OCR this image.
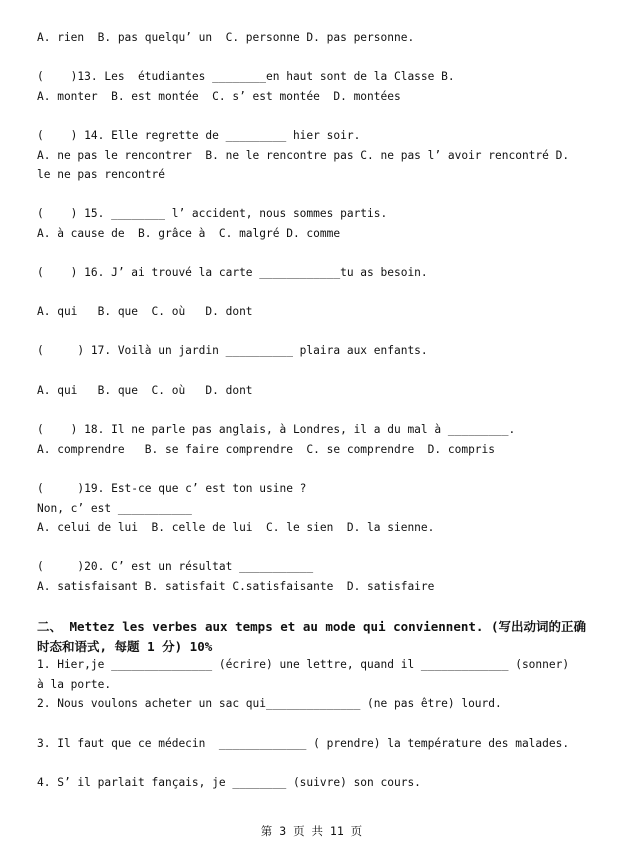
A. rien  B. pas quelqu’ un  C. personne D. pas personne.
(    )13. Les  étudiantes ________en haut sont de la Classe B.
A. monter  B. est montée  C. s’ est montée  D. montées
(    ) 14. Elle regrette de _________ hier soir.
A. ne pas le rencontrer  B. ne le rencontre pas C. ne pas l’ avoir rencontré D.
le ne pas rencontré
(    ) 15. ________ l’ accident, nous sommes partis.
A. à cause de  B. grâce à  C. malgré D. comme
(    ) 16. J’ ai trouvé la carte ____________tu as besoin.
A. qui   B. que  C. où   D. dont
(     ) 17. Voilà un jardin __________ plaira aux enfants.
A. qui   B. que  C. où   D. dont
(    ) 18. Il ne parle pas anglais, à Londres, il a du mal à _________.
A. comprendre   B. se faire comprendre  C. se comprendre  D. compris
(     )19. Est-ce que c’ est ton usine ?
Non, c’ est ___________
A. celui de lui  B. celle de lui  C. le sien  D. la sienne.
(     )20. C’ est un résultat ___________
A. satisfaisant B. satisfait C.satisfaisante  D. satisfaire
二、 Mettez les verbes aux temps et au mode qui conviennent. (写出动词的正确时态和语式, 每题 1 分) 10%
1. Hier,je _______________ (écrire) une lettre, quand il _____________ (sonner)
à la porte.
2. Nous voulons acheter un sac qui______________ (ne pas être) lourd.
3. Il faut que ce médecin  _____________ ( prendre) la température des malades.
4. S’ il parlait fançais, je ________ (suivre) son cours.
第 3 页 共 11 页
